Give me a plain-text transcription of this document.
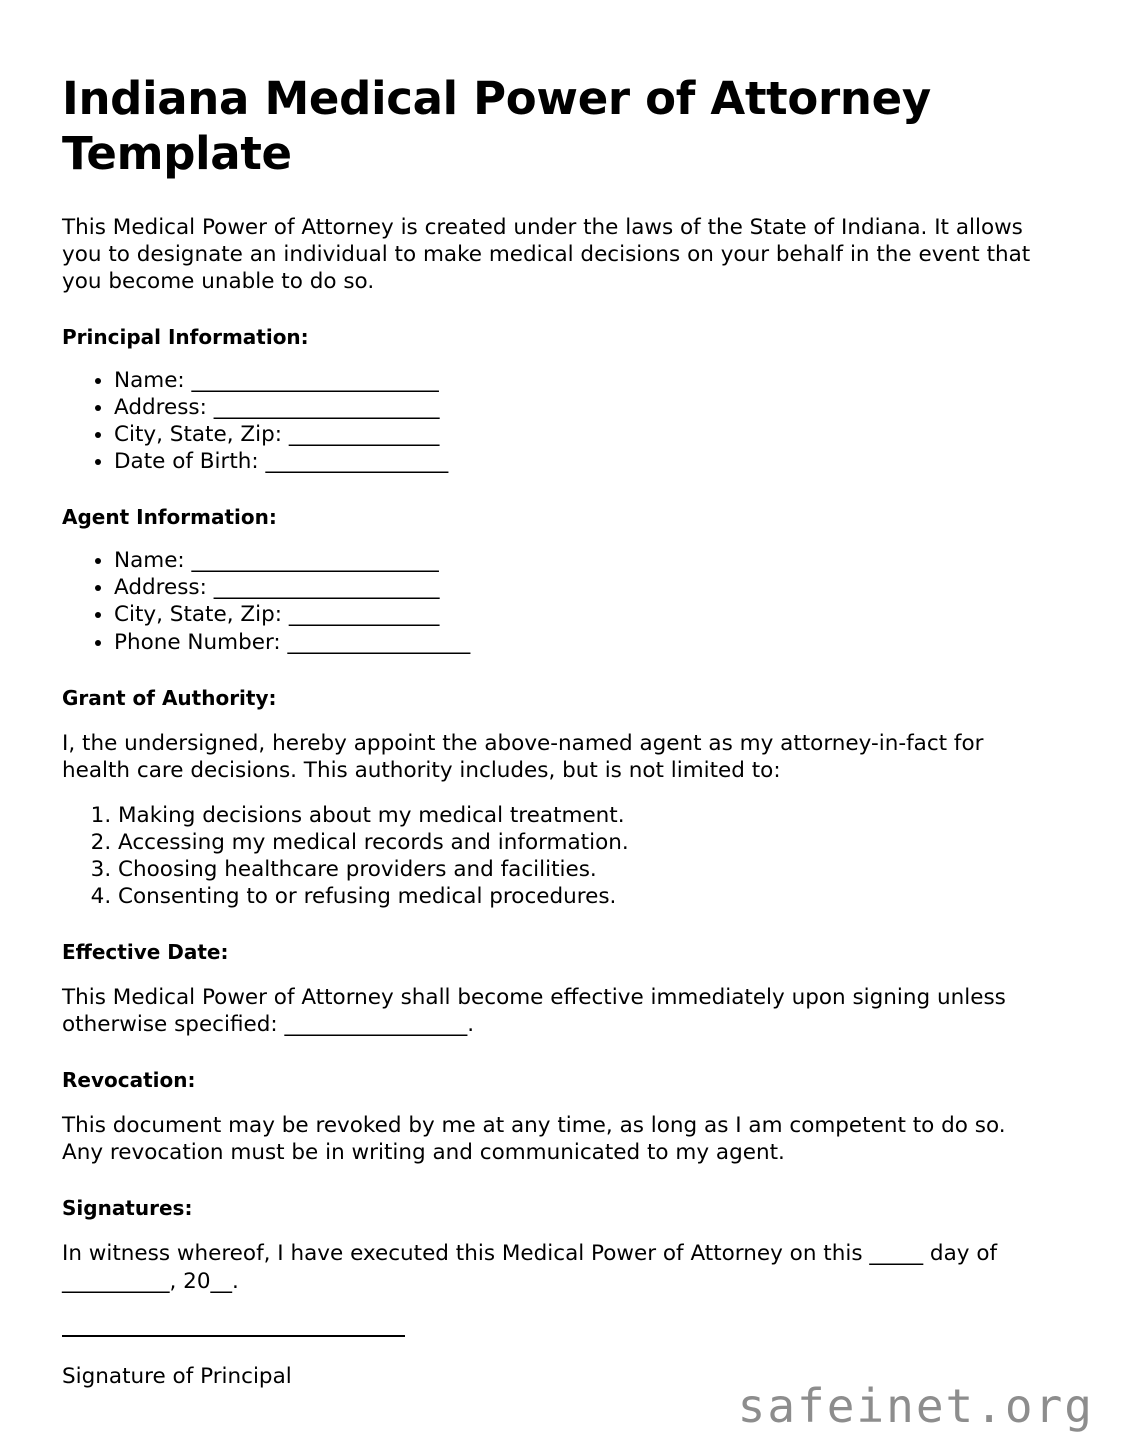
Indiana Medical Power of Attorney Template

This Medical Power of Attorney is created under the laws of the State of Indiana. It allows you to designate an individual to make medical decisions on your behalf in the event that you become unable to do so.

Principal Information:
• Name: _______________________
• Address: _____________________
• City, State, Zip: ______________
• Date of Birth: _________________
Agent Information:
• Name: _______________________
• Address: _____________________
• City, State, Zip: ______________
• Phone Number: _________________
Grant of Authority:

I, the undersigned, hereby appoint the above-named agent as my attorney-in-fact for health care decisions. This authority includes, but is not limited to:

1. Making decisions about my medical treatment.
2. Accessing my medical records and information.
3. Choosing healthcare providers and facilities.
4. Consenting to or refusing medical procedures.
Effective Date:

This Medical Power of Attorney shall become effective immediately upon signing unless otherwise specified: _________________.

Revocation:

This document may be revoked by me at any time, as long as I am competent to do so. Any revocation must be in writing and communicated to my agent.

Signatures:

In witness whereof, I have executed this Medical Power of Attorney on this _____ day of __________, 20__.

Signature of Principal

safeinet.org
